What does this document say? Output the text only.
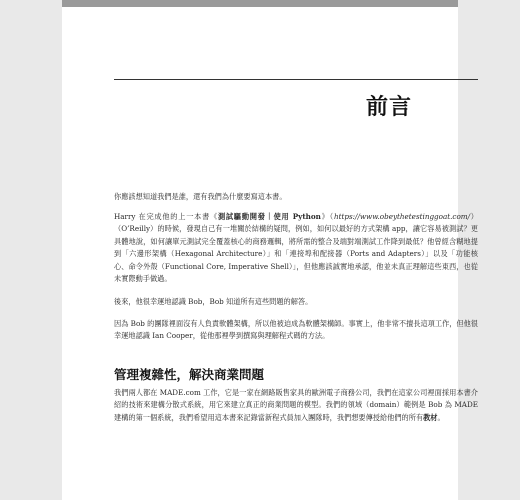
前言

你應該想知道我們是誰，還有我們為什麼要寫這本書。

Harry 在完成他的上一本書《測試驅動開發｜使用 Python》（https://www.obeythetestinggoat.com/）（O’Reilly）的時候，發現自己有一堆關於結構的疑問，例如，如何以最好的方式架構 app，讓它容易被測試？更具體地說，如何讓單元測試完全覆蓋核心的商務邏輯，將所需的整合及端對端測試工作降到最低？他曾經含糊地提到「六邊形架構（Hexagonal Architecture）」和「連接埠和配接器（Ports and Adapters）」以及「功能核心、命令外殼（Functional Core, Imperative Shell）」，但他應該誠實地承認，他並未真正理解這些東西，也從未實際動手做過。

後來，他很幸運地認識 Bob，Bob 知道所有這些問題的解答。

因為 Bob 的團隊裡面沒有人負責軟體架構，所以他被迫成為軟體架構師。事實上，他非常不擅長這項工作，但他很幸運地認識 Ian Cooper，從他那裡學到撰寫與理解程式碼的方法。

管理複雜性，解決商業問題

我們兩人都在 MADE.com 工作，它是一家在網路販售家具的歐洲電子商務公司，我們在這家公司裡面採用本書介紹的技術來建構分散式系統，用它來建立真正的商業問題的模型。我們的領域（domain）範例是 Bob 為 MADE 建構的第一個系統，我們希望用這本書來記錄當新程式員加入團隊時，我們想要傳授給他們的所有教材。
